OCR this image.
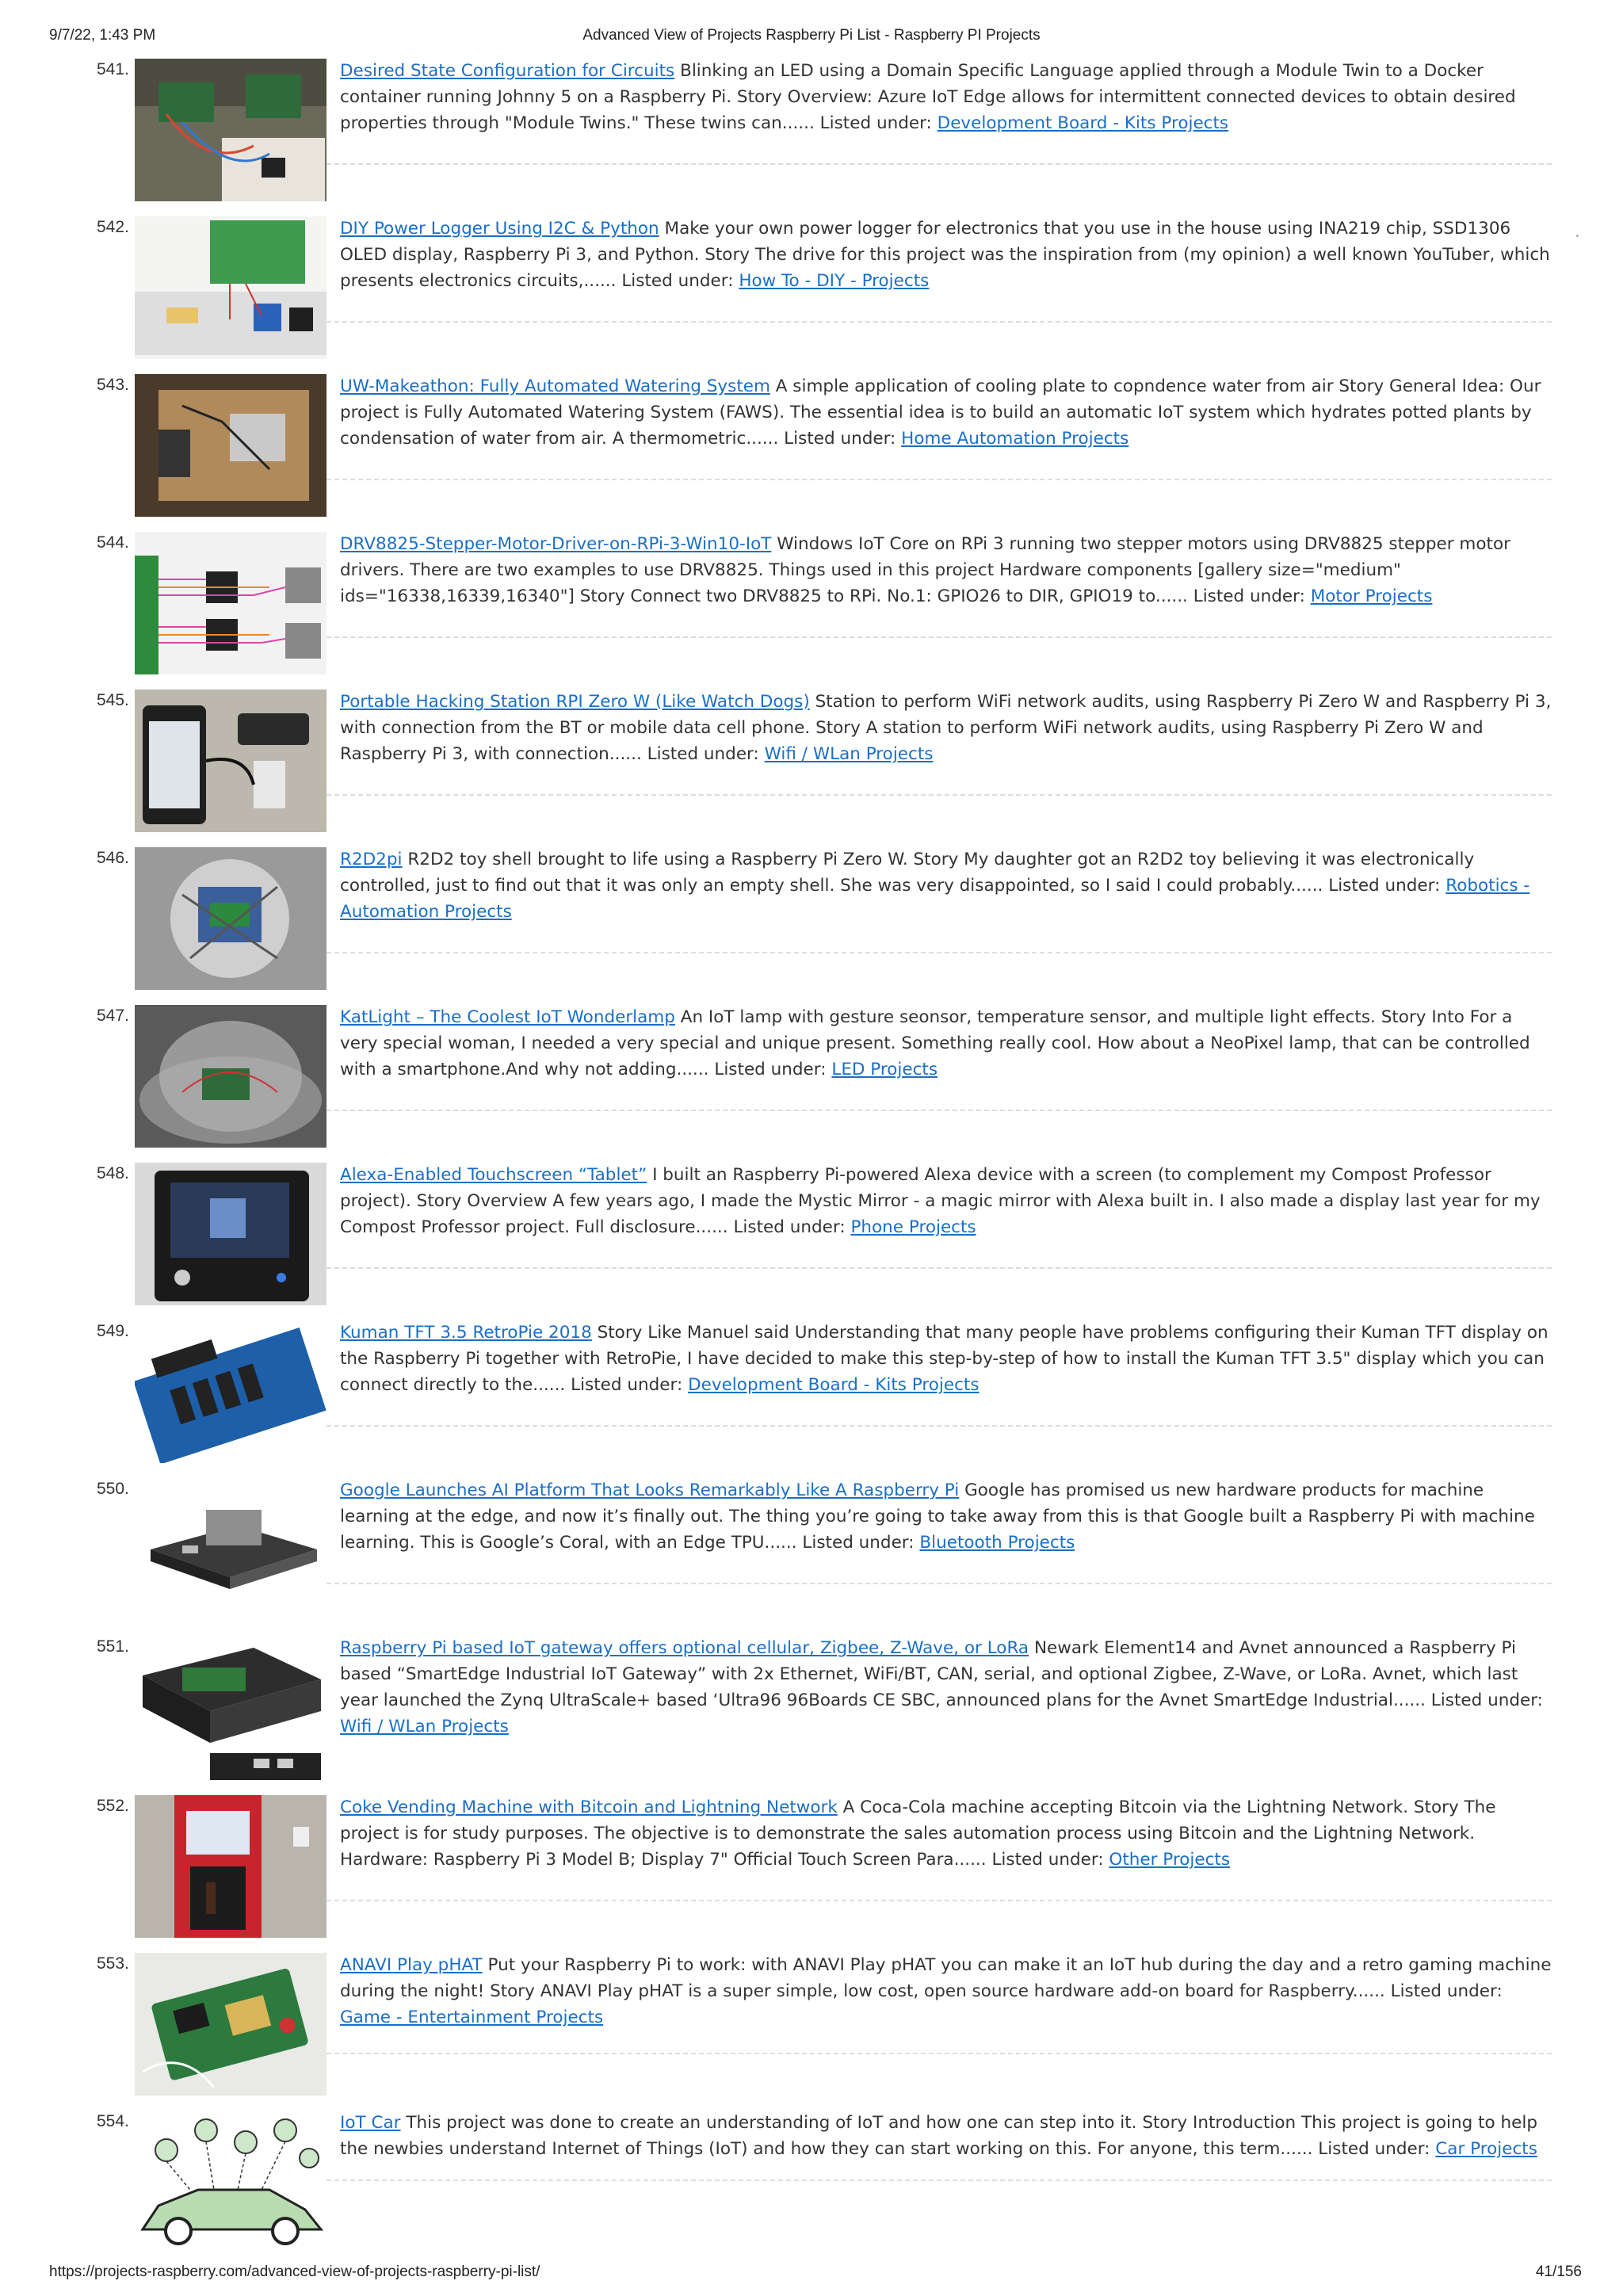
9/7/22, 1:43 PM	Advanced View of Projects Raspberry Pi List - Raspberry PI Projects
541.	Desired State Configuration for Circuits Blinking an LED using a Domain Specific Language applied through a Module Twin to a Docker container running Johnny 5 on a Raspberry Pi. Story Overview: Azure IoT Edge allows for intermittent connected devices to obtain desired properties through "Module Twins." These twins can...... Listed under: Development Board - Kits Projects
542.	DIY Power Logger Using I2C & Python Make your own power logger for electronics that you use in the house using INA219 chip, SSD1306 OLED display, Raspberry Pi 3, and Python. Story The drive for this project was the inspiration from (my opinion) a well known YouTuber, which presents electronics circuits,...... Listed under: How To - DIY - Projects
543.	UW-Makeathon: Fully Automated Watering System A simple application of cooling plate to copndence water from air Story General Idea: Our project is Fully Automated Watering System (FAWS). The essential idea is to build an automatic IoT system which hydrates potted plants by condensation of water from air. A thermometric...... Listed under: Home Automation Projects
544.	DRV8825-Stepper-Motor-Driver-on-RPi-3-Win10-IoT Windows IoT Core on RPi 3 running two stepper motors using DRV8825 stepper motor drivers. There are two examples to use DRV8825. Things used in this project Hardware components [gallery size="medium" ids="16338,16339,16340"] Story Connect two DRV8825 to RPi. No.1: GPIO26 to DIR, GPIO19 to...... Listed under: Motor Projects
545.	Portable Hacking Station RPI Zero W (Like Watch Dogs) Station to perform WiFi network audits, using Raspberry Pi Zero W and Raspberry Pi 3, with connection from the BT or mobile data cell phone. Story A station to perform WiFi network audits, using Raspberry Pi Zero W and Raspberry Pi 3, with connection...... Listed under: Wifi / WLan Projects
546.	R2D2pi R2D2 toy shell brought to life using a Raspberry Pi Zero W. Story My daughter got an R2D2 toy believing it was electronically controlled, just to find out that it was only an empty shell. She was very disappointed, so I said I could probably...... Listed under: Robotics - Automation Projects
547.	KatLight – The Coolest IoT Wonderlamp An IoT lamp with gesture seonsor, temperature sensor, and multiple light effects. Story Into For a very special woman, I needed a very special and unique present. Something really cool. How about a NeoPixel lamp, that can be controlled with a smartphone.And why not adding...... Listed under: LED Projects
548.	Alexa-Enabled Touchscreen “Tablet” I built an Raspberry Pi-powered Alexa device with a screen (to complement my Compost Professor project). Story Overview A few years ago, I made the Mystic Mirror - a magic mirror with Alexa built in. I also made a display last year for my Compost Professor project. Full disclosure...... Listed under: Phone Projects
549.	Kuman TFT 3.5 RetroPie 2018 Story Like Manuel said Understanding that many people have problems configuring their Kuman TFT display on the Raspberry Pi together with RetroPie, I have decided to make this step-by-step of how to install the Kuman TFT 3.5" display which you can connect directly to the...... Listed under: Development Board - Kits Projects
550.	Google Launches AI Platform That Looks Remarkably Like A Raspberry Pi Google has promised us new hardware products for machine learning at the edge, and now it’s finally out. The thing you’re going to take away from this is that Google built a Raspberry Pi with machine learning. This is Google’s Coral, with an Edge TPU...... Listed under: Bluetooth Projects
551.	Raspberry Pi based IoT gateway offers optional cellular, Zigbee, Z-Wave, or LoRa Newark Element14 and Avnet announced a Raspberry Pi based “SmartEdge Industrial IoT Gateway” with 2x Ethernet, WiFi/BT, CAN, serial, and optional Zigbee, Z-Wave, or LoRa. Avnet, which last year launched the Zynq UltraScale+ based ‘Ultra96 96Boards CE SBC, announced plans for the Avnet SmartEdge Industrial...... Listed under: Wifi / WLan Projects
552.	Coke Vending Machine with Bitcoin and Lightning Network A Coca-Cola machine accepting Bitcoin via the Lightning Network. Story The project is for study purposes. The objective is to demonstrate the sales automation process using Bitcoin and the Lightning Network. Hardware: Raspberry Pi 3 Model B; Display 7" Official Touch Screen Para...... Listed under: Other Projects
553.	ANAVI Play pHAT Put your Raspberry Pi to work: with ANAVI Play pHAT you can make it an IoT hub during the day and a retro gaming machine during the night! Story ANAVI Play pHAT is a super simple, low cost, open source hardware add-on board for Raspberry...... Listed under: Game - Entertainment Projects
554.	IoT Car This project was done to create an understanding of IoT and how one can step into it. Story Introduction This project is going to help the newbies understand Internet of Things (IoT) and how they can start working on this. For anyone, this term...... Listed under: Car Projects
https://projects-raspberry.com/advanced-view-of-projects-raspberry-pi-list/	41/156
